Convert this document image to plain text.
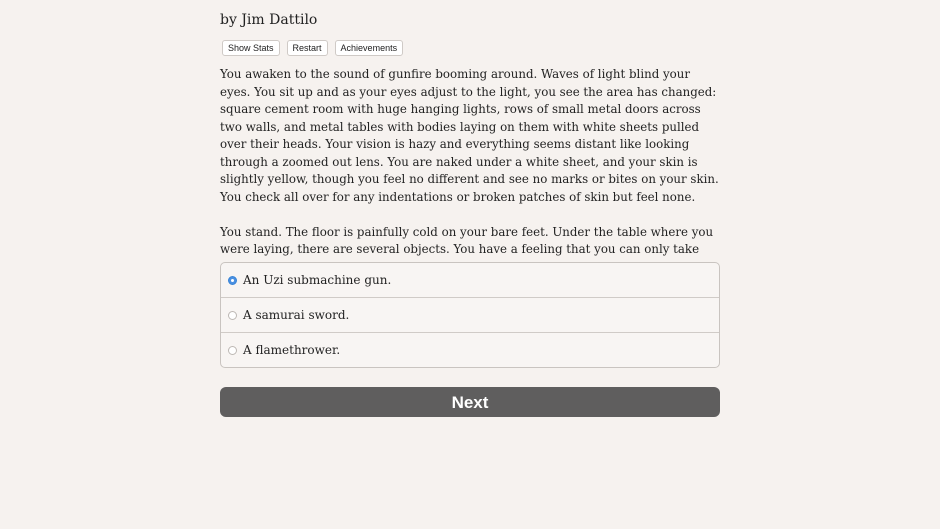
by Jim Dattilo
Show Stats	Restart	Achievements

You awaken to the sound of gunfire booming around. Waves of light blind your eyes. You sit up and as your eyes adjust to the light, you see the area has changed: square cement room with huge hanging lights, rows of small metal doors across two walls, and metal tables with bodies laying on them with white sheets pulled over their heads. Your vision is hazy and everything seems distant like looking through a zoomed out lens. You are naked under a white sheet, and your skin is slightly yellow, though you feel no different and see no marks or bites on your skin. You check all over for any indentations or broken patches of skin but feel none.

You stand. The floor is painfully cold on your bare feet. Under the table where you were laying, there are several objects. You have a feeling that you can only take

An Uzi submachine gun.
A samurai sword.
A flamethrower.
Next
